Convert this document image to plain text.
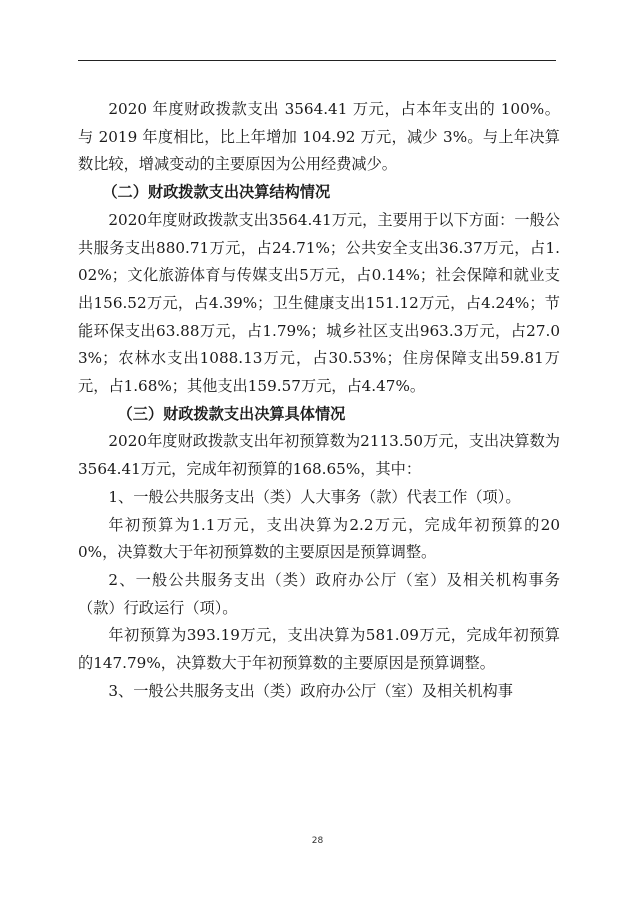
2020 年度财政拨款支出 3564.41 万元，占本年支出的 100%。与 2019 年度相比，比上年增加 104.92 万元，减少 3%。与上年决算数比较，增减变动的主要原因为公用经费减少。

（二）财政拨款支出决算结构情况

2020年度财政拨款支出3564.41万元，主要用于以下方面：一般公共服务支出880.71万元，占24.71%；公共安全支出36.37万元，占1.02%；文化旅游体育与传媒支出5万元，占0.14%；社会保障和就业支出156.52万元，占4.39%；卫生健康支出151.12万元，占4.24%；节能环保支出63.88万元，占1.79%；城乡社区支出963.3万元，占27.03%；农林水支出1088.13万元，占30.53%；住房保障支出59.81万元，占1.68%；其他支出159.57万元，占4.47%。

（三）财政拨款支出决算具体情况

2020年度财政拨款支出年初预算数为2113.50万元，支出决算数为3564.41万元，完成年初预算的168.65%，其中：

1、一般公共服务支出（类）人大事务（款）代表工作（项）。

年初预算为1.1万元，支出决算为2.2万元，完成年初预算的200%，决算数大于年初预算数的主要原因是预算调整。

2、一般公共服务支出（类）政府办公厅（室）及相关机构事务（款）行政运行（项）。

年初预算为393.19万元，支出决算为581.09万元，完成年初预算的147.79%，决算数大于年初预算数的主要原因是预算调整。

3、一般公共服务支出（类）政府办公厅（室）及相关机构事

28
